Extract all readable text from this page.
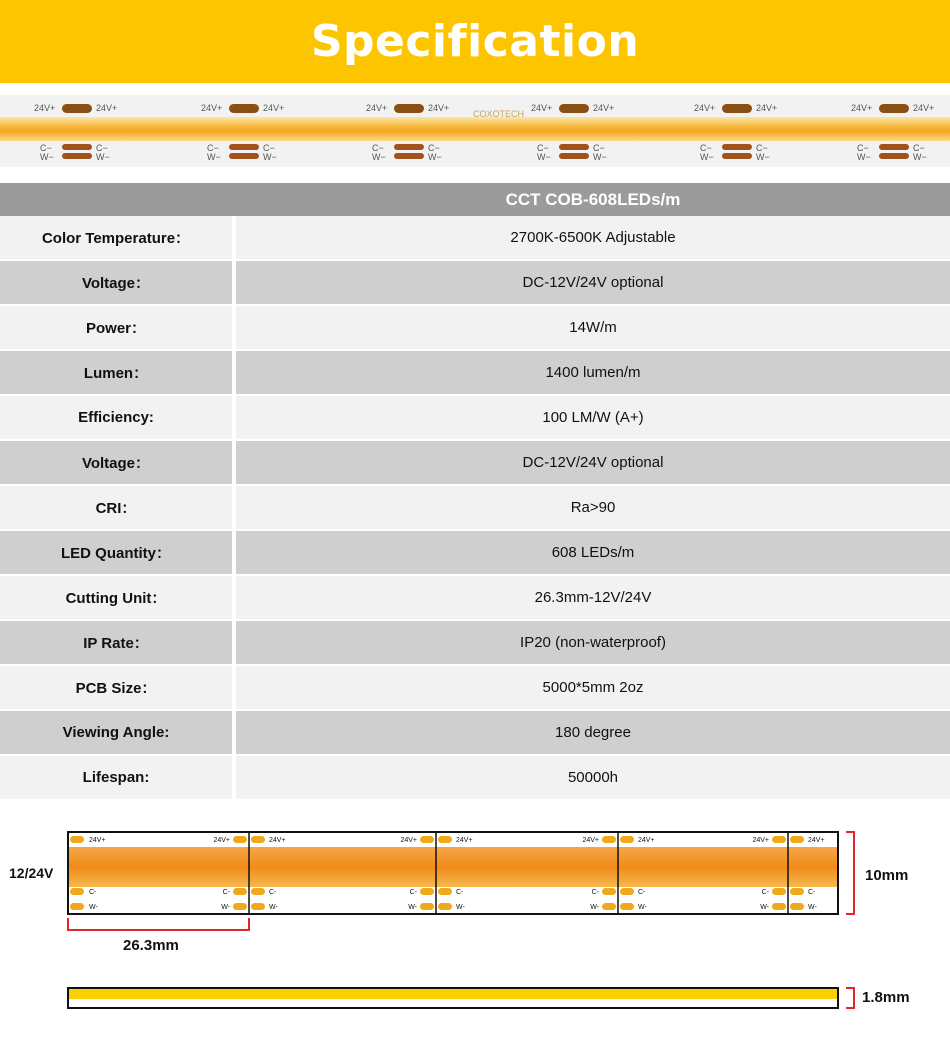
Specification
24V+	24V+
C−
W−
C−
W−
24V+	24V+
C−
W−
C−
W−
24V+	24V+
C−
W−
C−
W−
24V+	24V+
C−
W−
C−
W−
24V+	24V+
C−
W−
C−
W−
24V+	24V+
C−
W−
C−
W−
COXOTECH
CCT COB-608LEDs/m
Color Temperature：	2700K-6500K Adjustable
Voltage：	DC-12V/24V optional
Power：	14W/m
Lumen：	1400 lumen/m
Efficiency:	100 LM/W (A+)
Voltage：	DC-12V/24V optional
CRI：	Ra>90
LED Quantity：	608 LEDs/m
Cutting Unit：	26.3mm-12V/24V
IP Rate：	IP20 (non-waterproof)
PCB Size：	5000*5mm 2oz
Viewing Angle:	180 degree
Lifespan:	50000h
24V+
C-
W-
24V+	24V+
C-	C-
W-	W-
24V+	24V+
C-	C-
W-	W-
24V+	24V+
C-	C-
W-	W-
24V+	24V+
C-	C-
W-	W-
12/24V	10mm
26.3mm
1.8mm
